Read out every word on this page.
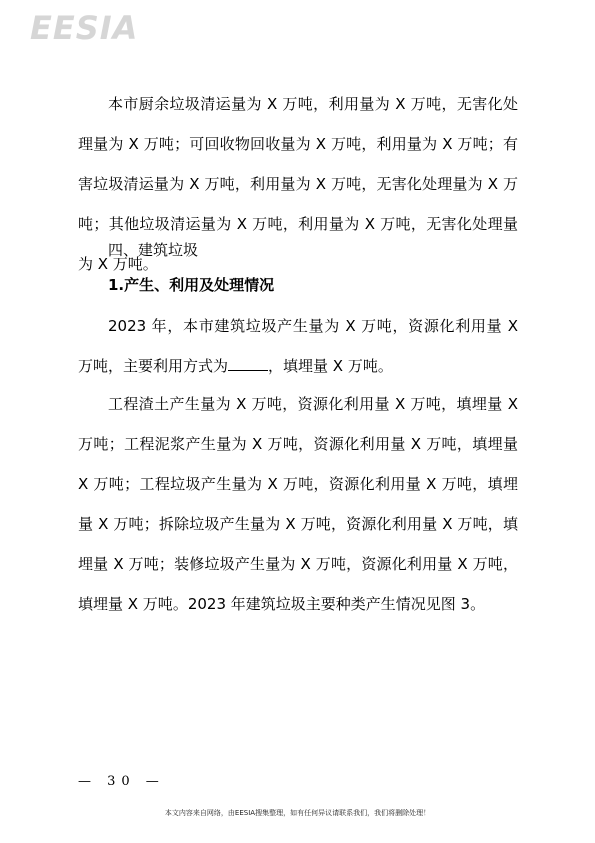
EESIA

本市厨余垃圾清运量为 X 万吨，利用量为 X 万吨，无害化处理量为 X 万吨；可回收物回收量为 X 万吨，利用量为 X 万吨；有害垃圾清运量为 X 万吨，利用量为 X 万吨，无害化处理量为 X 万吨；其他垃圾清运量为 X 万吨，利用量为 X 万吨，无害化处理量为 X 万吨。

四、建筑垃圾
1.产生、利用及处理情况

2023 年，本市建筑垃圾产生量为 X 万吨，资源化利用量 X 万吨，主要利用方式为	，填埋量 X 万吨。

工程渣土产生量为 X 万吨，资源化利用量 X 万吨，填埋量 X 万吨；工程泥浆产生量为 X 万吨，资源化利用量 X 万吨，填埋量 X 万吨；工程垃圾产生量为 X 万吨，资源化利用量 X 万吨，填埋量 X 万吨；拆除垃圾产生量为 X 万吨，资源化利用量 X 万吨，填埋量 X 万吨；装修垃圾产生量为 X 万吨，资源化利用量 X 万吨，填埋量 X 万吨。2023 年建筑垃圾主要种类产生情况见图 3。

— 30 —
本文内容来自网络，由EESIA搜集整理，如有任何异议请联系我们，我们将删除处理！
